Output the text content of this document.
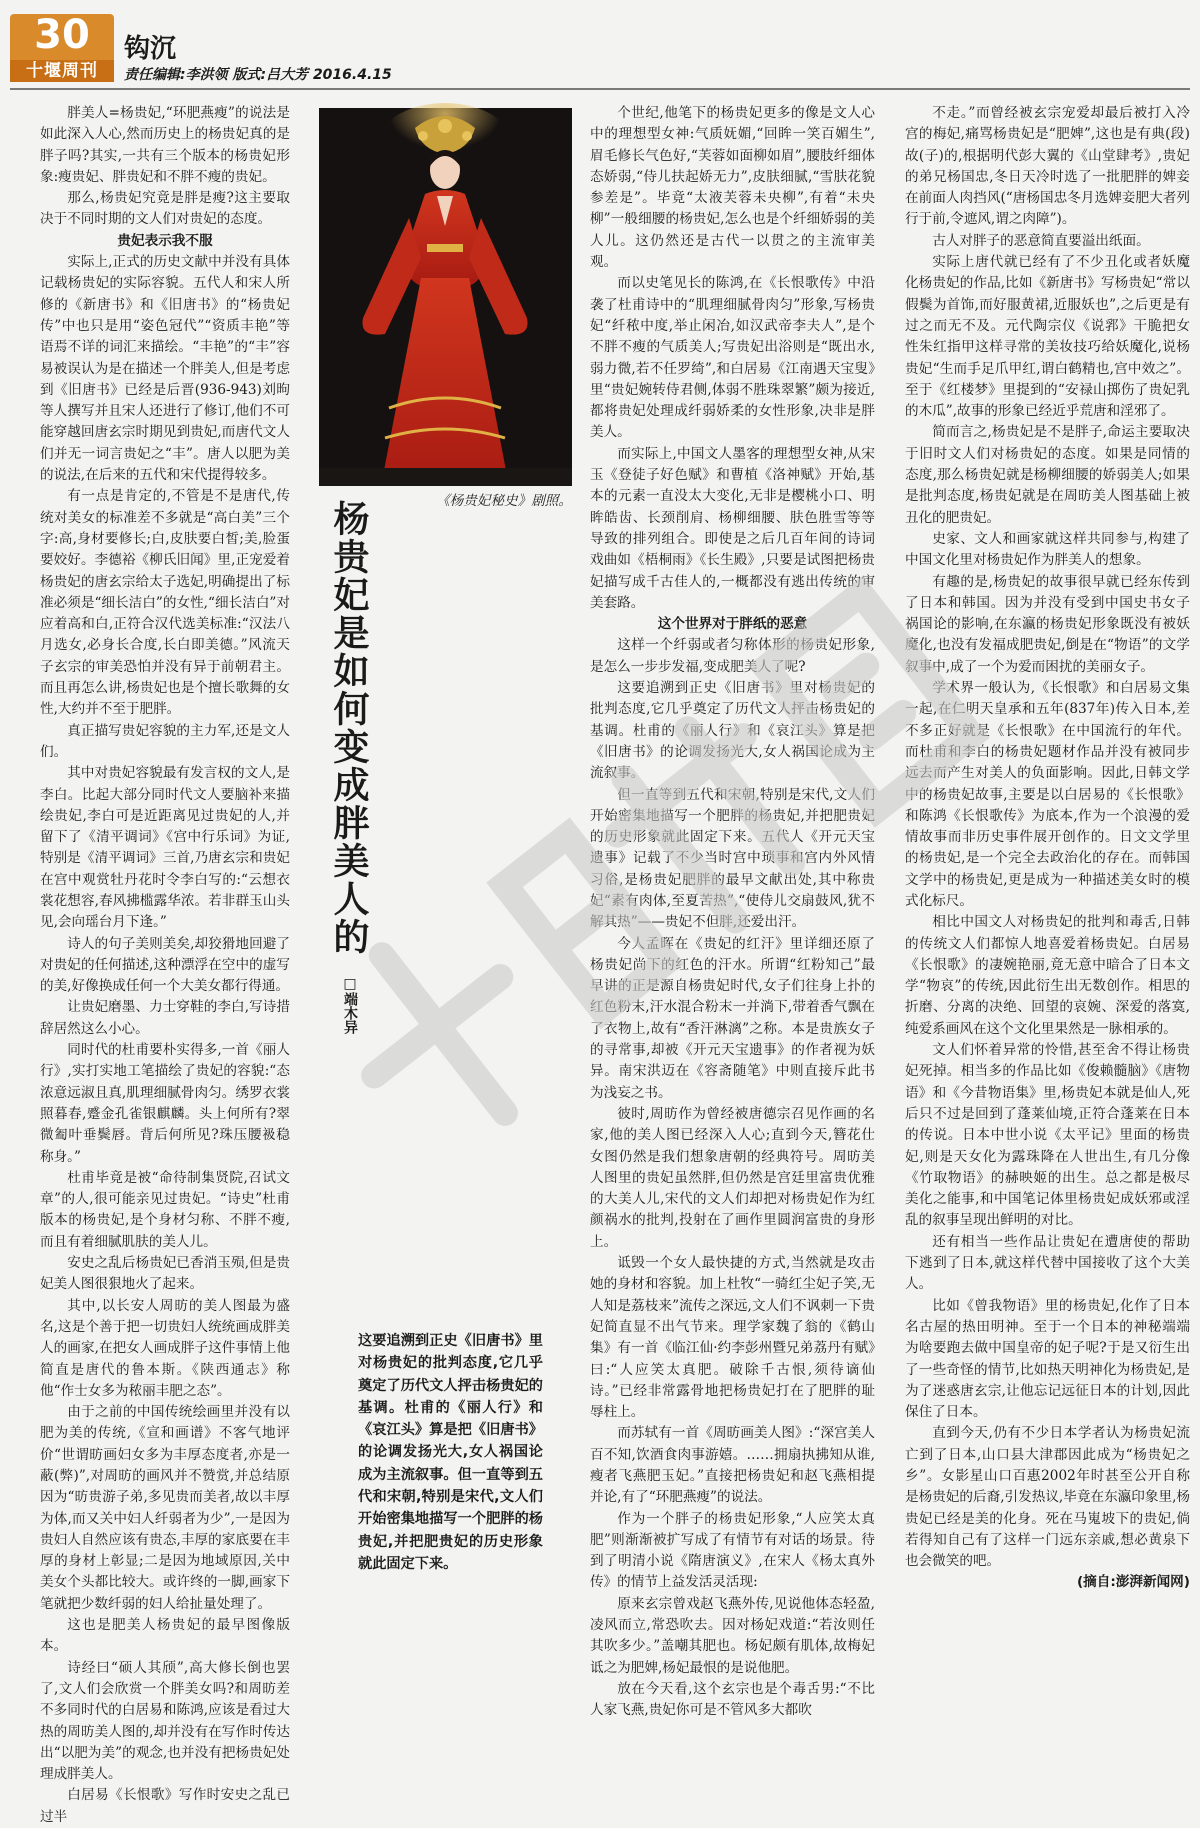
30
十堰周刊
钩沉
责任编辑:李洪领 版式:吕大芳 2016.4.15

胖美人=杨贵妃,“环肥燕瘦”的说法是如此深入人心,然而历史上的杨贵妃真的是胖子吗?其实,一共有三个版本的杨贵妃形象:瘦贵妃、胖贵妃和不胖不瘦的贵妃。

那么,杨贵妃究竟是胖是瘦?这主要取决于不同时期的文人们对贵妃的态度。

贵妃表示我不服

实际上,正式的历史文献中并没有具体记载杨贵妃的实际容貌。五代人和宋人所修的《新唐书》和《旧唐书》的“杨贵妃传”中也只是用“姿色冠代”“资质丰艳”等语焉不详的词汇来描绘。“丰艳”的“丰”容易被误认为是在描述一个胖美人,但是考虑到《旧唐书》已经是后晋(936-943)刘昫等人撰写并且宋人还进行了修订,他们不可能穿越回唐玄宗时期见到贵妃,而唐代文人们并无一词言贵妃之“丰”。唐人以肥为美的说法,在后来的五代和宋代提得较多。

有一点是肯定的,不管是不是唐代,传统对美女的标准差不多就是“高白美”三个字:高,身材要修长;白,皮肤要白皙;美,脸蛋要姣好。李德裕《柳氏旧闻》里,正宠爱着杨贵妃的唐玄宗给太子选妃,明确提出了标准必须是“细长洁白”的女性,“细长洁白”对应着高和白,正符合汉代选美标准:“汉法八月选女,必身长合度,长白即美德。”风流天子玄宗的审美恐怕并没有异于前朝君主。而且再怎么讲,杨贵妃也是个擅长歌舞的女性,大约并不至于肥胖。

真正描写贵妃容貌的主力军,还是文人们。

其中对贵妃容貌最有发言权的文人,是李白。比起大部分同时代文人要脑补来描绘贵妃,李白可是近距离见过贵妃的人,并留下了《清平调词》《宫中行乐词》为证,特别是《清平调词》三首,乃唐玄宗和贵妃在宫中观赏牡丹花时令李白写的:“云想衣裳花想容,春风拂槛露华浓。若非群玉山头见,会向瑶台月下逢。”

诗人的句子美则美矣,却狡猾地回避了对贵妃的任何描述,这种漂浮在空中的虚写的美,好像换成任何一个大美女都行得通。

让贵妃磨墨、力士穿鞋的李白,写诗措辞居然这么小心。

同时代的杜甫要朴实得多,一首《丽人行》,实打实地工笔描绘了贵妃的容貌:“态浓意远淑且真,肌理细腻骨肉匀。绣罗衣裳照暮春,蹙金孔雀银麒麟。头上何所有?翠微㔩叶垂鬓唇。背后何所见?珠压腰衱稳称身。”

杜甫毕竟是被“命待制集贤院,召试文章”的人,很可能亲见过贵妃。“诗史”杜甫版本的杨贵妃,是个身材匀称、不胖不瘦,而且有着细腻肌肤的美人儿。

安史之乱后杨贵妃已香消玉殒,但是贵妃美人图很狠地火了起来。

其中,以长安人周昉的美人图最为盛名,这是个善于把一切贵妇人统统画成胖美人的画家,在把女人画成胖子这件事情上他简直是唐代的鲁本斯。《陕西通志》称他“作士女多为秾丽丰肥之态”。

由于之前的中国传统绘画里并没有以肥为美的传统,《宣和画谱》不客气地评价“世谓昉画妇女多为丰厚态度者,亦是一蔽(弊)”,对周昉的画风并不赞赏,并总结原因为“昉贵游子弟,多见贵而美者,故以丰厚为体,而又关中妇人纤弱者为少”,一是因为贵妇人自然应该有贵态,丰厚的家底要在丰厚的身材上彰显;二是因为地域原因,关中美女个头都比较大。或许终的一脚,画家下笔就把少数纤弱的妇人给扯量处理了。

这也是肥美人杨贵妃的最早图像版本。

诗经曰“硕人其颀”,高大修长倒也罢了,文人们会欣赏一个胖美女吗?和周昉差不多同时代的白居易和陈鸿,应该是看过大热的周昉美人图的,却并没有在写作时传达出“以肥为美”的观念,也并没有把杨贵妃处理成胖美人。

白居易《长恨歌》写作时安史之乱已过半

《杨贵妃秘史》剧照。
杨贵妃是如何变成胖美人的
□端木异
这要追溯到正史《旧唐书》里对杨贵妃的批判态度,它几乎奠定了历代文人抨击杨贵妃的基调。杜甫的《丽人行》和《哀江头》算是把《旧唐书》的论调发扬光大,女人祸国论成为主流叙事。但一直等到五代和宋朝,特别是宋代,文人们开始密集地描写一个肥胖的杨贵妃,并把肥贵妃的历史形象就此固定下来。

个世纪,他笔下的杨贵妃更多的像是文人心中的理想型女神:气质妩媚,“回眸一笑百媚生”,眉毛修长气色好,“芙蓉如面柳如眉”,腰肢纤细体态娇弱,“侍儿扶起娇无力”,皮肤细腻,“雪肤花貌参差是”。毕竟“太液芙蓉未央柳”,有着“未央柳”一般细腰的杨贵妃,怎么也是个纤细娇弱的美人儿。这仍然还是古代一以贯之的主流审美观。

而以史笔见长的陈鸿,在《长恨歌传》中沿袭了杜甫诗中的“肌理细腻骨肉匀”形象,写杨贵妃“纤秾中度,举止闲冶,如汉武帝李夫人”,是个不胖不瘦的气质美人;写贵妃出浴则是“既出水,弱力微,若不任罗绮”,和白居易《江南遇天宝叟》里“贵妃婉转侍君侧,体弱不胜珠翠繁”颇为接近,都将贵妃处理成纤弱娇柔的女性形象,决非是胖美人。

而实际上,中国文人墨客的理想型女神,从宋玉《登徒子好色赋》和曹植《洛神赋》开始,基本的元素一直没太大变化,无非是樱桃小口、明眸皓齿、长颈削肩、杨柳细腰、肤色胜雪等等导致的排列组合。即使是之后几百年间的诗词戏曲如《梧桐雨》《长生殿》,只要是试图把杨贵妃描写成千古佳人的,一概都没有逃出传统的审美套路。

这个世界对于胖纸的恶意

这样一个纤弱或者匀称体形的杨贵妃形象,是怎么一步步发福,变成肥美人了呢?

这要追溯到正史《旧唐书》里对杨贵妃的批判态度,它几乎奠定了历代文人抨击杨贵妃的基调。杜甫的《丽人行》和《哀江头》算是把《旧唐书》的论调发扬光大,女人祸国论成为主流叙事。

但一直等到五代和宋朝,特别是宋代,文人们开始密集地描写一个肥胖的杨贵妃,并把肥贵妃的历史形象就此固定下来。五代人《开元天宝遗事》记载了不少当时宫中琐事和宫内外风情习俗,是杨贵妃肥胖的最早文献出处,其中称贵妃“素有肉体,至夏苦热”,“使侍儿交扇鼓风,犹不解其热”——贵妃不但胖,还爱出汗。

今人孟晖在《贵妃的红汗》里详细还原了杨贵妃尚下的红色的汗水。所谓“红粉知己”最早讲的正是源自杨贵妃时代,女子们往身上扑的红色粉末,汗水混合粉末一并淌下,带着香气飘在了衣物上,故有“香汗淋漓”之称。本是贵族女子的寻常事,却被《开元天宝遗事》的作者视为妖异。南宋洪迈在《容斋随笔》中则直接斥此书为浅妄之书。

彼时,周昉作为曾经被唐德宗召见作画的名家,他的美人图已经深入人心;直到今天,簪花仕女图仍然是我们想象唐朝的经典符号。周昉美人图里的贵妃虽然胖,但仍然是宫廷里富贵优雅的大美人儿,宋代的文人们却把对杨贵妃作为红颜祸水的批判,投射在了画作里圆润富贵的身形上。

诋毁一个女人最快捷的方式,当然就是攻击她的身材和容貌。加上杜牧“一骑红尘妃子笑,无人知是荔枝来”流传之深远,文人们不讽刺一下贵妃简直显不出气节来。理学家魏了翁的《鹤山集》有一首《临江仙·约李彭州暨兄弟荔丹有赋》曰:“人应笑太真肥。破除千古恨,须待谪仙诗。”已经非常露骨地把杨贵妃打在了肥胖的耻辱柱上。

而苏轼有一首《周昉画美人图》:“深宫美人百不知,饮酒食肉事游嬉。……拥扇执拂知从谁,瘦者飞燕肥玉妃。”直接把杨贵妃和赵飞燕相提并论,有了“环肥燕瘦”的说法。

作为一个胖子的杨贵妃形象,“人应笑太真肥”则渐渐被扩写成了有情节有对话的场景。待到了明清小说《隋唐演义》,在宋人《杨太真外传》的情节上益发活灵活现:

原来玄宗曾戏赵飞燕外传,见说他体态轻盈,凌风而立,常恐吹去。因对杨妃戏道:“若汝则任其吹多少。”盖嘲其肥也。杨妃颇有肌体,故梅妃诋之为肥婢,杨妃最恨的是说他肥。

放在今天看,这个玄宗也是个毒舌男:“不比人家飞燕,贵妃你可是不管风多大都吹

不走。”而曾经被玄宗宠爱却最后被打入冷宫的梅妃,痛骂杨贵妃是“肥婢”,这也是有典(段)故(子)的,根据明代彭大翼的《山堂肆考》,贵妃的弟兄杨国忠,冬日天冷时选了一批肥胖的婢妾在前面人肉挡风(“唐杨国忠冬月选婢妾肥大者列行于前,令遮风,谓之肉障”)。

古人对胖子的恶意简直要溢出纸面。

实际上唐代就已经有了不少丑化或者妖魔化杨贵妃的作品,比如《新唐书》写杨贵妃“常以假鬓为首饰,而好服黄裙,近服妖也”,之后更是有过之而无不及。元代陶宗仪《说郛》干脆把女性朱红指甲这样寻常的美妆技巧给妖魔化,说杨贵妃“生而手足爪甲红,谓白鹤精也,宫中效之”。至于《红楼梦》里提到的“安禄山掷伤了贵妃乳的木瓜”,故事的形象已经近乎荒唐和淫邪了。

简而言之,杨贵妃是不是胖子,命运主要取决于旧时文人们对杨贵妃的态度。如果是同情的态度,那么杨贵妃就是杨柳细腰的娇弱美人;如果是批判态度,杨贵妃就是在周昉美人图基础上被丑化的肥贵妃。

史家、文人和画家就这样共同参与,构建了中国文化里对杨贵妃作为胖美人的想象。

有趣的是,杨贵妃的故事很早就已经东传到了日本和韩国。因为并没有受到中国史书女子祸国论的影响,在东瀛的杨贵妃形象既没有被妖魔化,也没有发福成肥贵妃,倒是在“物语”的文学叙事中,成了一个为爱而困扰的美丽女子。

学术界一般认为,《长恨歌》和白居易文集一起,在仁明天皇承和五年(837年)传入日本,差不多正好就是《长恨歌》在中国流行的年代。而杜甫和李白的杨贵妃题材作品并没有被同步远去而产生对美人的负面影响。因此,日韩文学中的杨贵妃故事,主要是以白居易的《长恨歌》和陈鸿《长恨歌传》为底本,作为一个浪漫的爱情故事而非历史事件展开创作的。日文文学里的杨贵妃,是一个完全去政治化的存在。而韩国文学中的杨贵妃,更是成为一种描述美女时的模式化标尺。

相比中国文人对杨贵妃的批判和毒舌,日韩的传统文人们都惊人地喜爱着杨贵妃。白居易《长恨歌》的凄婉艳丽,竟无意中暗合了日本文学“物哀”的传统,因此衍生出无数创作。相思的折磨、分离的决绝、回望的哀婉、深爱的落寞,纯爱系画风在这个文化里果然是一脉相承的。

文人们怀着异常的怜惜,甚至舍不得让杨贵妃死掉。相当多的作品比如《俊赖髓脑》《唐物语》和《今昔物语集》里,杨贵妃本就是仙人,死后只不过是回到了蓬莱仙境,正符合蓬莱在日本的传说。日本中世小说《太平记》里面的杨贵妃,则是天女化为露珠降在人世出生,有几分像《竹取物语》的赫映姬的出生。总之都是极尽美化之能事,和中国笔记体里杨贵妃成妖邪或淫乱的叙事呈现出鲜明的对比。

还有相当一些作品让贵妃在遭唐使的帮助下逃到了日本,就这样代替中国接收了这个大美人。

比如《曾我物语》里的杨贵妃,化作了日本名古屋的热田明神。至于一个日本的神秘端端为啥要跑去做中国皇帝的妃子呢?于是又衍生出了一些奇怪的情节,比如热天明神化为杨贵妃,是为了迷惑唐玄宗,让他忘记远征日本的计划,因此保住了日本。

直到今天,仍有不少日本学者认为杨贵妃流亡到了日本,山口县大津郡因此成为“杨贵妃之乡”。女影星山口百惠2002年时甚至公开自称是杨贵妃的后裔,引发热议,毕竟在东瀛印象里,杨贵妃已经是美的化身。死在马嵬坡下的贵妃,倘若得知自己有了这样一门远东亲戚,想必黄泉下也会微笑的吧。

(摘自:澎湃新闻网)
